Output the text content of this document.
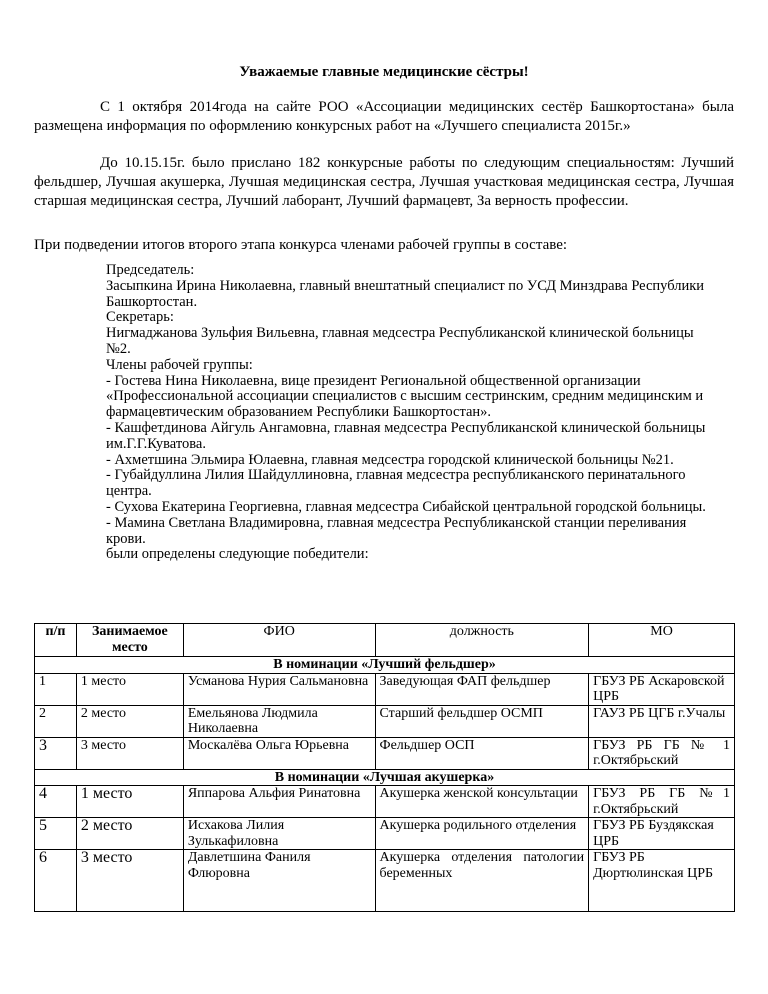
Уважаемые главные медицинские сёстры!

С 1 октября 2014года на сайте РОО «Ассоциации медицинских сестёр Башкортостана» была размещена информация по оформлению конкурсных работ на «Лучшего специалиста 2015г.»

До 10.15.15г. было прислано 182 конкурсные работы по следующим специальностям: Лучший фельдшер, Лучшая акушерка, Лучшая медицинская сестра, Лучшая участковая медицинская сестра, Лучшая старшая медицинская сестра, Лучший лаборант, Лучший фармацевт, За верность профессии.

При подведении итогов второго этапа конкурса членами рабочей группы в составе:

Председатель:
Засыпкина Ирина Николаевна, главный внештатный специалист по УСД Минздрава Республики Башкортостан.
Секретарь:
Нигмаджанова Зульфия Вильевна, главная медсестра Республиканской клинической больницы №2.
Члены рабочей группы:
- Гостева Нина Николаевна, вице президент Региональной общественной организации «Профессиональной ассоциации специалистов с высшим сестринским, средним медицинским и фармацевтическим образованием Республики Башкортостан».
- Кашфетдинова Айгуль Ангамовна, главная медсестра Республиканской клинической больницы им.Г.Г.Куватова.
- Ахметшина Эльмира Юлаевна, главная медсестра городской клинической больницы №21.
- Губайдуллина Лилия Шайдуллиновна, главная медсестра республиканского перинатального центра.
- Сухова Екатерина Георгиевна, главная медсестра Сибайской центральной городской больницы.
- Мамина Светлана Владимировна, главная медсестра Республиканской станции переливания крови.
были определены следующие победители:
п/п	Занимаемое место	ФИО	должность	МО
В номинации «Лучший фельдшер»				
1	1 место	Усманова Нурия Сальмановна	Заведующая ФАП фельдшер	ГБУЗ РБ Аскаровской ЦРБ
2	2 место	Емельянова Людмила Николаевна	Старший фельдшер ОСМП	ГАУЗ РБ ЦГБ г.Учалы
3	3 место	Москалёва Ольга Юрьевна	Фельдшер ОСП	ГБУЗ РБ ГБ № 1 г.Октябрьский
В номинации «Лучшая акушерка»				
4	1 место	Яппарова Альфия Ринатовна	Акушерка женской консультации	ГБУЗ РБ ГБ №1 г.Октябрьский
5	2 место	Исхакова Лилия Зулькафиловна	Акушерка родильного отделения	ГБУЗ РБ Буздякская ЦРБ
6	3 место	Давлетшина Фаниля Флюровна	Акушерка отделения патологии беременных	ГБУЗ РБ Дюртюлинская ЦРБ
